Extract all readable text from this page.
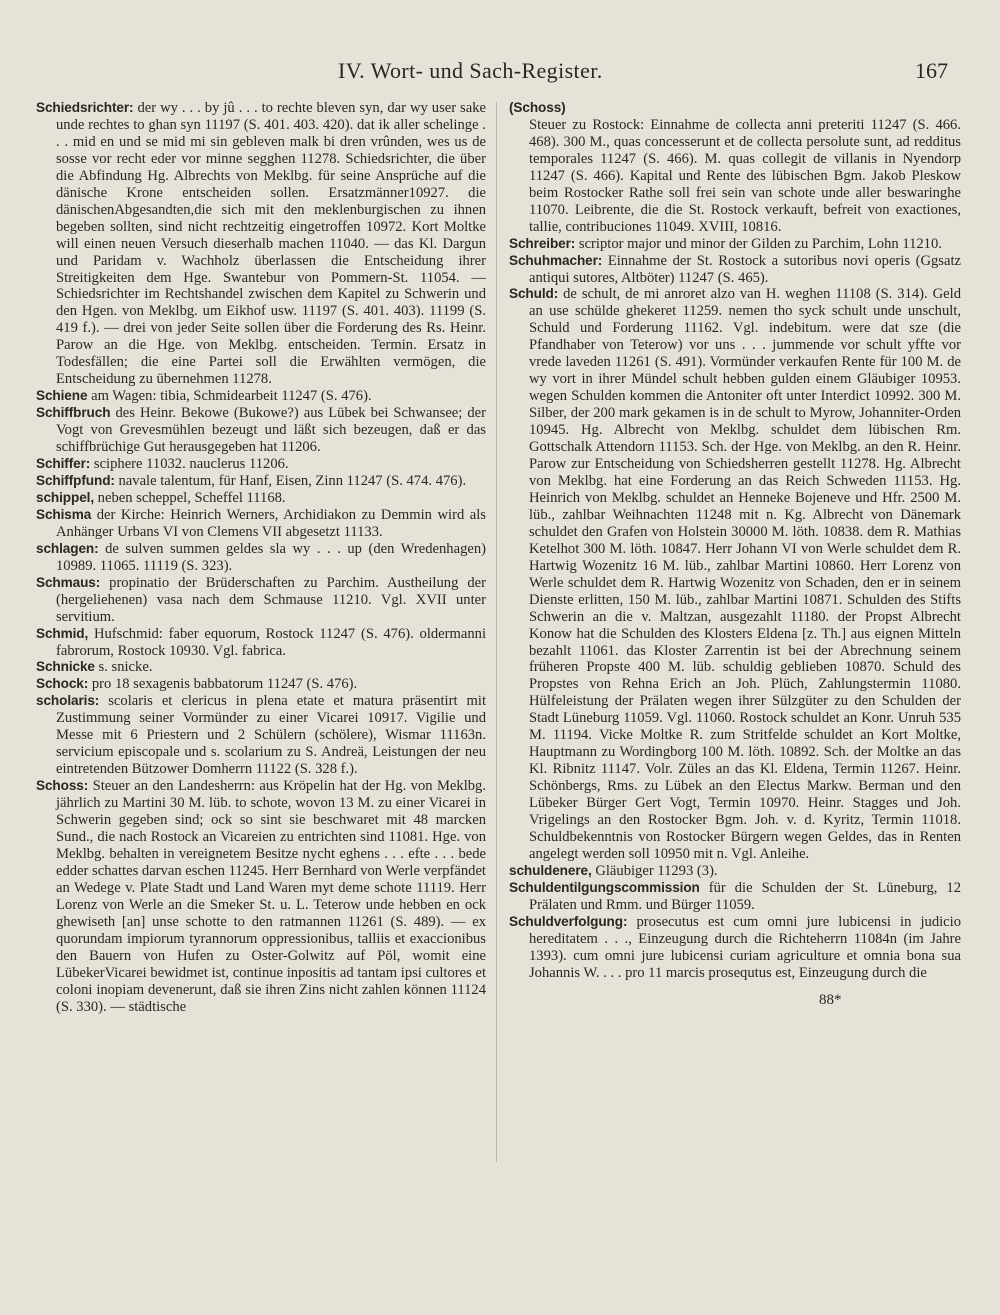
IV. Wort- und Sach-Register.	167

Schiedsrichter: der wy . . . by jû . . . to rechte bleven syn, dar wy user sake unde rechtes to ghan syn 11197 (S. 401. 403. 420). dat ik aller schelinge . . . mid en und se mid mi sin gebleven malk bi dren vrûnden, wes us de sosse vor recht eder vor minne segghen 11278. Schiedsrichter, die über die Abfindung Hg. Albrechts von Meklbg. für seine Ansprüche auf die dänische Krone entscheiden sollen. Ersatzmänner10927. die dänischenAbgesandten,die sich mit den meklenburgischen zu ihnen begeben sollten, sind nicht rechtzeitig eingetroffen 10972. Kort Moltke will einen neuen Versuch dieserhalb machen 11040. — das Kl. Dargun und Paridam v. Wachholz überlassen die Entscheidung ihrer Streitigkeiten dem Hge. Swantebur von Pommern-St. 11054. — Schiedsrichter im Rechtshandel zwischen dem Kapitel zu Schwerin und den Hgen. von Meklbg. um Eikhof usw. 11197 (S. 401. 403). 11199 (S. 419 f.). — drei von jeder Seite sollen über die Forderung des Rs. Heinr. Parow an die Hge. von Meklbg. entscheiden. Termin. Ersatz in Todesfällen; die eine Partei soll die Erwählten vermögen, die Entscheidung zu übernehmen 11278.

Schiene am Wagen: tibia, Schmidearbeit 11247 (S. 476).

Schiffbruch des Heinr. Bekowe (Bukowe?) aus Lübek bei Schwansee; der Vogt von Grevesmühlen bezeugt und läßt sich bezeugen, daß er das schiffbrüchige Gut herausgegeben hat 11206.

Schiffer: sciphere 11032. nauclerus 11206.

Schiffpfund: navale talentum, für Hanf, Eisen, Zinn 11247 (S. 474. 476).

schippel, neben scheppel, Scheffel 11168.

Schisma der Kirche: Heinrich Werners, Archidiakon zu Demmin wird als Anhänger Urbans VI von Clemens VII abgesetzt 11133.

schlagen: de sulven summen geldes sla wy . . . up (den Wredenhagen) 10989. 11065. 11119 (S. 323).

Schmaus: propinatio der Brüderschaften zu Parchim. Austheilung der (hergeliehenen) vasa nach dem Schmause 11210. Vgl. XVII unter servitium.

Schmid, Hufschmid: faber equorum, Rostock 11247 (S. 476). oldermanni fabrorum, Rostock 10930. Vgl. fabrica.

Schnicke s. snicke.

Schock: pro 18 sexagenis babbatorum 11247 (S. 476).

scholaris: scolaris et clericus in plena etate et matura präsentirt mit Zustimmung seiner Vormünder zu einer Vicarei 10917. Vigilie und Messe mit 6 Priestern und 2 Schülern (schölere), Wismar 11163n. servicium episcopale und s. scolarium zu S. Andreä, Leistungen der neu eintretenden Bützower Domherrn 11122 (S. 328 f.).

Schoss: Steuer an den Landesherrn: aus Kröpelin hat der Hg. von Meklbg. jährlich zu Martini 30 M. lüb. to schote, wovon 13 M. zu einer Vicarei in Schwerin gegeben sind; ock so sint sie beschwaret mit 48 marcken Sund., die nach Rostock an Vicareien zu entrichten sind 11081. Hge. von Meklbg. behalten in vereignetem Besitze nycht eghens . . . efte . . . bede edder schattes darvan eschen 11245. Herr Bernhard von Werle verpfändet an Wedege v. Plate Stadt und Land Waren myt deme schote 11119. Herr Lorenz von Werle an die Smeker St. u. L. Teterow unde hebben en ock ghewiseth [an] unse schotte to den ratmannen 11261 (S. 489). — ex quorundam impiorum tyrannorum oppressionibus, talliis et exaccionibus den Bauern von Hufen zu Oster-Golwitz auf Pöl, womit eine LübekerVicarei bewidmet ist, continue inpositis ad tantam ipsi cultores et coloni inopiam devenerunt, daß sie ihren Zins nicht zahlen können 11124 (S. 330). — städtische

(Schoss)

Steuer zu Rostock: Einnahme de collecta anni preteriti 11247 (S. 466. 468). 300 M., quas concesserunt et de collecta persolute sunt, ad redditus temporales 11247 (S. 466). M. quas collegit de villanis in Nyendorp 11247 (S. 466). Kapital und Rente des lübischen Bgm. Jakob Pleskow beim Rostocker Rathe soll frei sein van schote unde aller beswaringhe 11070. Leibrente, die die St. Rostock verkauft, befreit von exactiones, tallie, contribuciones 11049. XVIII, 10816.

Schreiber: scriptor major und minor der Gilden zu Parchim, Lohn 11210.

Schuhmacher: Einnahme der St. Rostock a sutoribus novi operis (Ggsatz antiqui sutores, Altböter) 11247 (S. 465).

Schuld: de schult, de mi anroret alzo van H. weghen 11108 (S. 314). Geld an use schülde ghekeret 11259. nemen tho syck schult unde unschult, Schuld und Forderung 11162. Vgl. indebitum. were dat sze (die Pfandhaber von Teterow) vor uns . . . jummende vor schult yffte vor vrede laveden 11261 (S. 491). Vormünder verkaufen Rente für 100 M. de wy vort in ihrer Mündel schult hebben gulden einem Gläubiger 10953. wegen Schulden kommen die Antoniter oft unter Interdict 10992. 300 M. Silber, der 200 mark gekamen is in de schult to Myrow, Johanniter-Orden 10945. Hg. Albrecht von Meklbg. schuldet dem lübischen Rm. Gottschalk Attendorn 11153. Sch. der Hge. von Meklbg. an den R. Heinr. Parow zur Entscheidung von Schiedsherren gestellt 11278. Hg. Albrecht von Meklbg. hat eine Forderung an das Reich Schweden 11153. Hg. Heinrich von Meklbg. schuldet an Henneke Bojeneve und Hfr. 2500 M. lüb., zahlbar Weihnachten 11248 mit n. Kg. Albrecht von Dänemark schuldet den Grafen von Holstein 30000 M. löth. 10838. dem R. Mathias Ketelhot 300 M. löth. 10847. Herr Johann VI von Werle schuldet dem R. Hartwig Wozenitz 16 M. lüb., zahlbar Martini 10860. Herr Lorenz von Werle schuldet dem R. Hartwig Wozenitz von Schaden, den er in seinem Dienste erlitten, 150 M. lüb., zahlbar Martini 10871. Schulden des Stifts Schwerin an die v. Maltzan, ausgezahlt 11180. der Propst Albrecht Konow hat die Schulden des Klosters Eldena [z. Th.] aus eignen Mitteln bezahlt 11061. das Kloster Zarrentin ist bei der Abrechnung seinem früheren Propste 400 M. lüb. schuldig geblieben 10870. Schuld des Propstes von Rehna Erich an Joh. Plüch, Zahlungstermin 11080. Hülfeleistung der Prälaten wegen ihrer Sülzgüter zu den Schulden der Stadt Lüneburg 11059. Vgl. 11060. Rostock schuldet an Konr. Unruh 535 M. 11194. Vicke Moltke R. zum Stritfelde schuldet an Kort Moltke, Hauptmann zu Wordingborg 100 M. löth. 10892. Sch. der Moltke an das Kl. Ribnitz 11147. Volr. Züles an das Kl. Eldena, Termin 11267. Heinr. Schönbergs, Rms. zu Lübek an den Electus Markw. Berman und den Lübeker Bürger Gert Vogt, Termin 10970. Heinr. Stagges und Joh. Vrigelings an den Rostocker Bgm. Joh. v. d. Kyritz, Termin 11018. Schuldbekenntnis von Rostocker Bürgern wegen Geldes, das in Renten angelegt werden soll 10950 mit n. Vgl. Anleihe.

schuldenere, Gläubiger 11293 (3).

Schuldentilgungscommission für die Schulden der St. Lüneburg, 12 Prälaten und Rmm. und Bürger 11059.

Schuldverfolgung: prosecutus est cum omni jure lubicensi in judicio hereditatem . . ., Einzeugung durch die Richteherrn 11084n (im Jahre 1393). cum omni jure lubicensi curiam agriculture et omnia bona sua Johannis W. . . . pro 11 marcis prosequtus est, Einzeugung durch die

88*
